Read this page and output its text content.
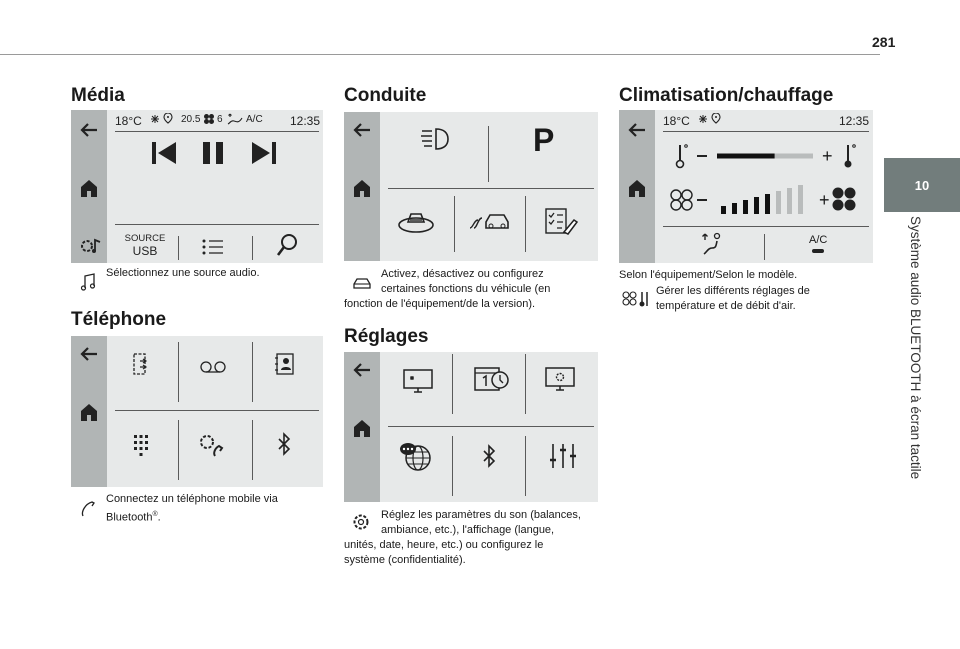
281
10
Système audio BLUETOOTH à écran tactile
Média
18°C	20.5 6 A/C 12:35
SOURCE
USB
Sélectionnez une source audio.
Téléphone
Connectez un téléphone mobile via
Bluetooth®.
Conduite
P
Activez, désactivez ou configurez
certaines fonctions du véhicule (en
fonction de l'équipement/de la version).
Réglages
Réglez les paramètres du son (balances,
ambiance, etc.), l'affichage (langue,
unités, date, heure, etc.) ou configurez le
système (confidentialité).
Climatisation/chauffage
18°C	12:35
+
+
A/C
Selon l'équipement/Selon le modèle.
Gérer les différents réglages de
température et de débit d'air.
